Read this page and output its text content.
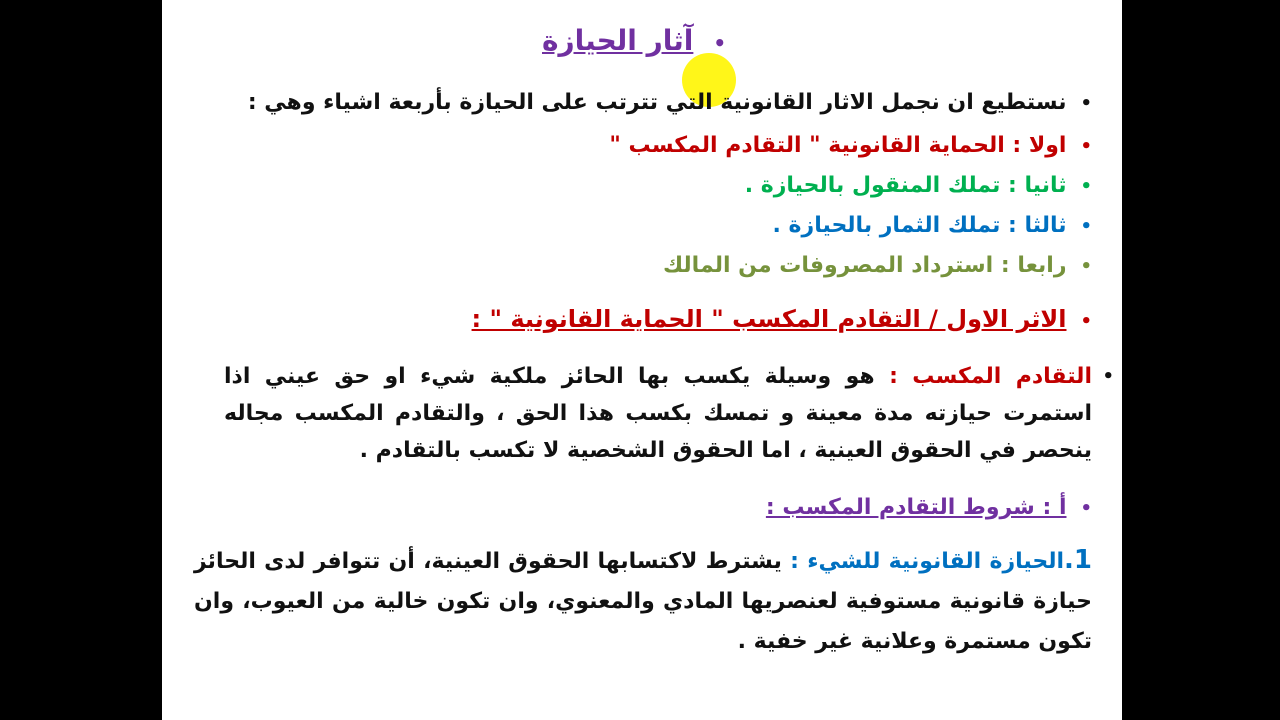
•آثار الحيازة
•نستطيع ان نجمل الاثار القانونية التي تترتب على الحيازة بأربعة اشياء وهي :
•اولا : الحماية القانونية " التقادم المكسب "
•ثانيا : تملك المنقول بالحيازة .
•ثالثا : تملك الثمار بالحيازة .
•رابعا : استرداد المصروفات من المالك
•الاثر الاول / التقادم المكسب " الحماية القانونية " :
•
التقادم المكسب : هو وسيلة يكسب بها الحائز ملكية شيء او حق عيني اذا استمرت حيازته مدة معينة و تمسك بكسب هذا الحق ، والتقادم المكسب مجاله ينحصر في الحقوق العينية ، اما الحقوق الشخصية لا تكسب بالتقادم .
•أ : شروط التقادم المكسب :
1.الحيازة القانونية للشيء : يشترط لاكتسابها الحقوق العينية، أن تتوافر لدى الحائز حيازة قانونية مستوفية لعنصريها المادي والمعنوي، وان تكون خالية من العيوب، وان تكون مستمرة وعلانية غير خفية .
